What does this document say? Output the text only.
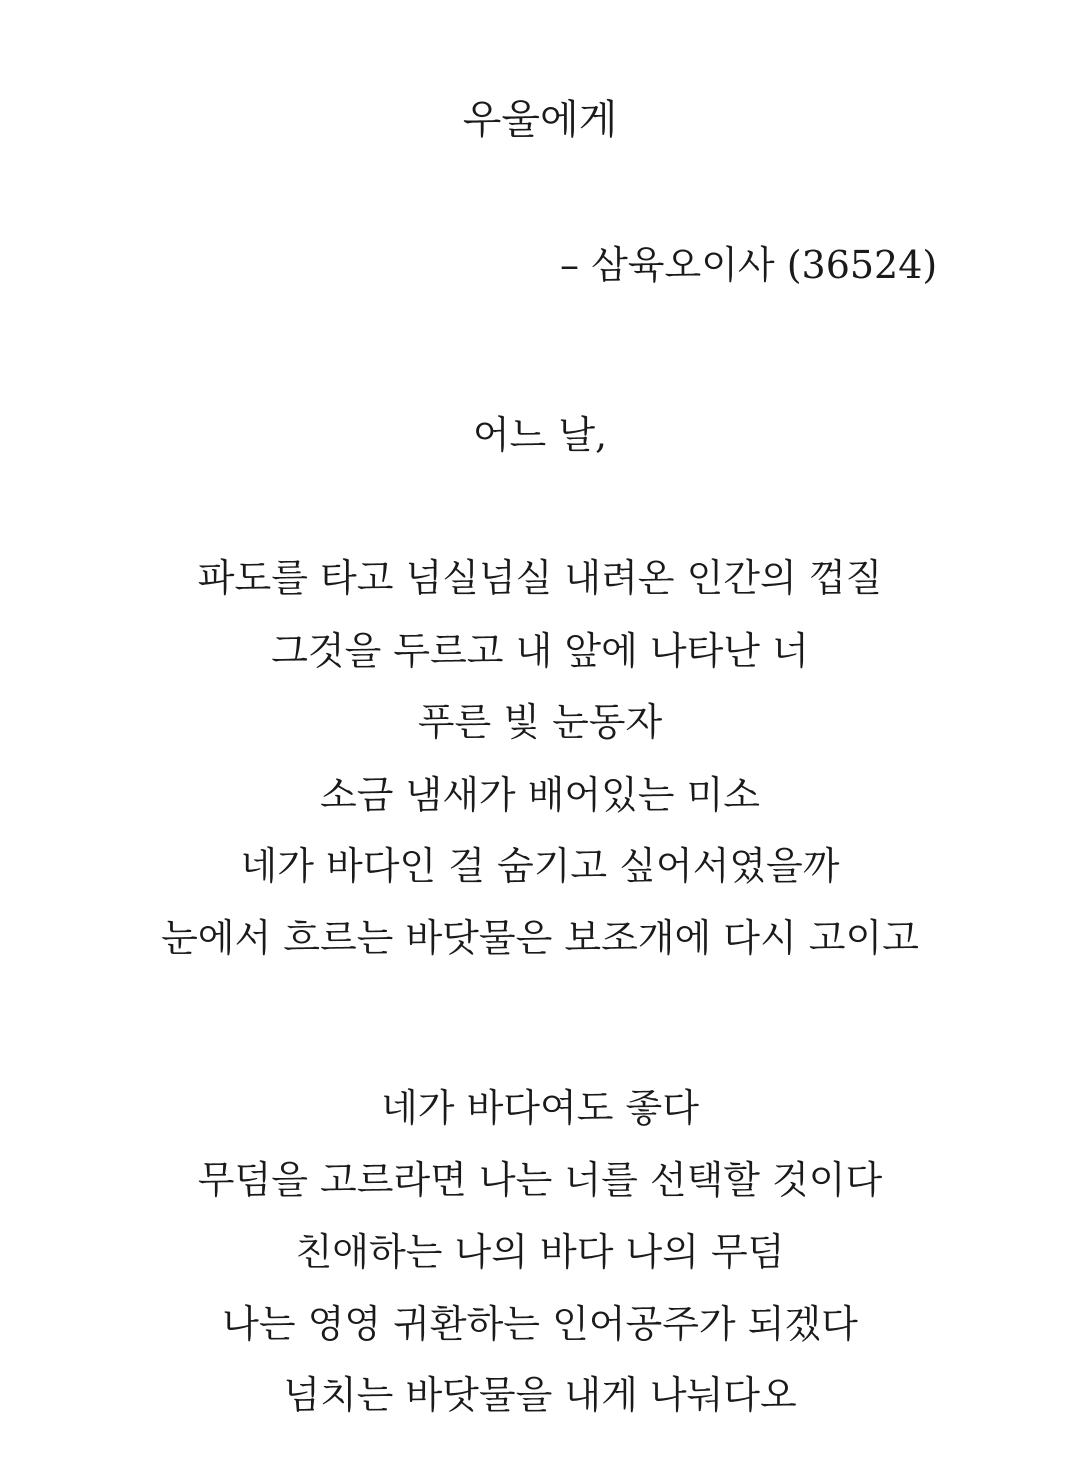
우울에게
– 삼육오이사 (36524)
어느 날,
파도를 타고 넘실넘실 내려온 인간의 껍질
그것을 두르고 내 앞에 나타난 너
푸른 빛 눈동자
소금 냄새가 배어있는 미소
네가 바다인 걸 숨기고 싶어서였을까
눈에서 흐르는 바닷물은 보조개에 다시 고이고
네가 바다여도 좋다
무덤을 고르라면 나는 너를 선택할 것이다
친애하는 나의 바다 나의 무덤
나는 영영 귀환하는 인어공주가 되겠다
넘치는 바닷물을 내게 나눠다오
